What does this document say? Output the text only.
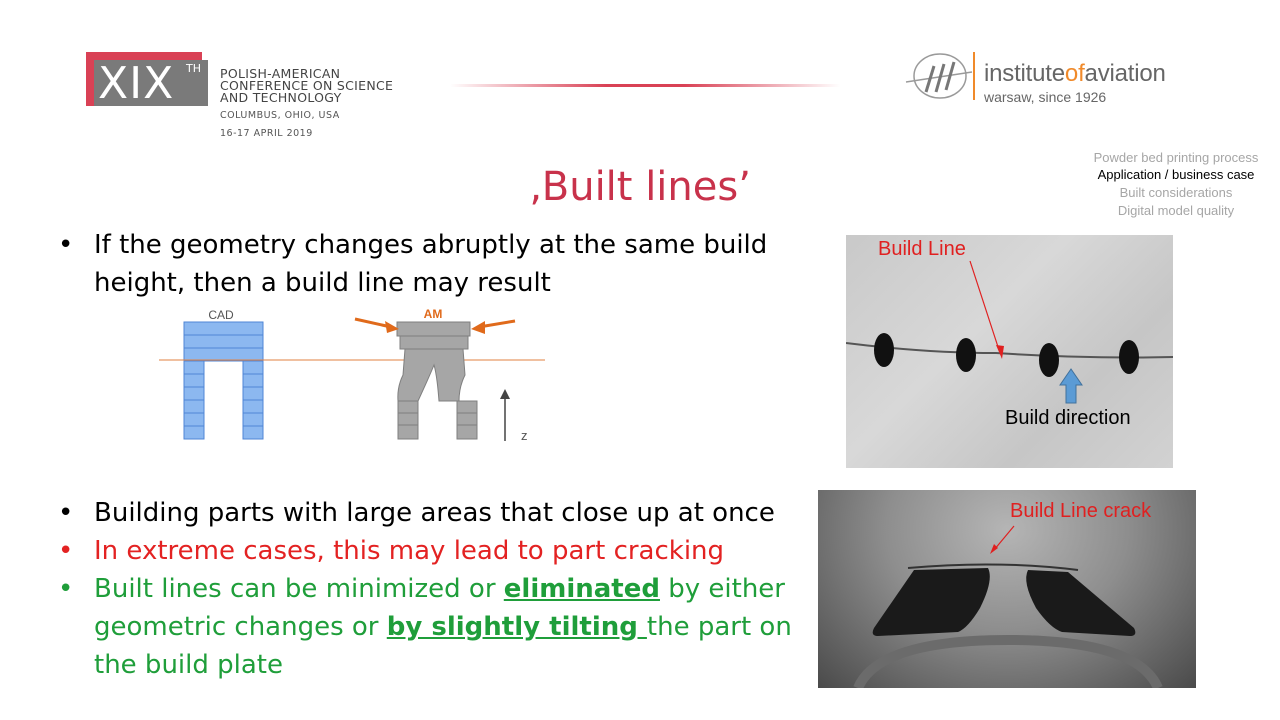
XIX TH POLISH-AMERICAN
CONFERENCE ON SCIENCE
AND TECHNOLOGY
COLUMBUS, OHIO, USA
16-17 APRIL 2019
instituteofaviation
warsaw, since 1926
Powder bed printing process
Application / business case
Built considerations
Digital model quality
‚Built lines’
• If the geometry changes abruptly at the same build height, then a build line may result
CAD	AM
z
Build Line
Build direction
• Building parts with large areas that close up at once
• In extreme cases, this may lead to part cracking
• Built lines can be minimized or eliminated by either geometric changes or by slightly tilting the part on the build plate
Build Line crack
